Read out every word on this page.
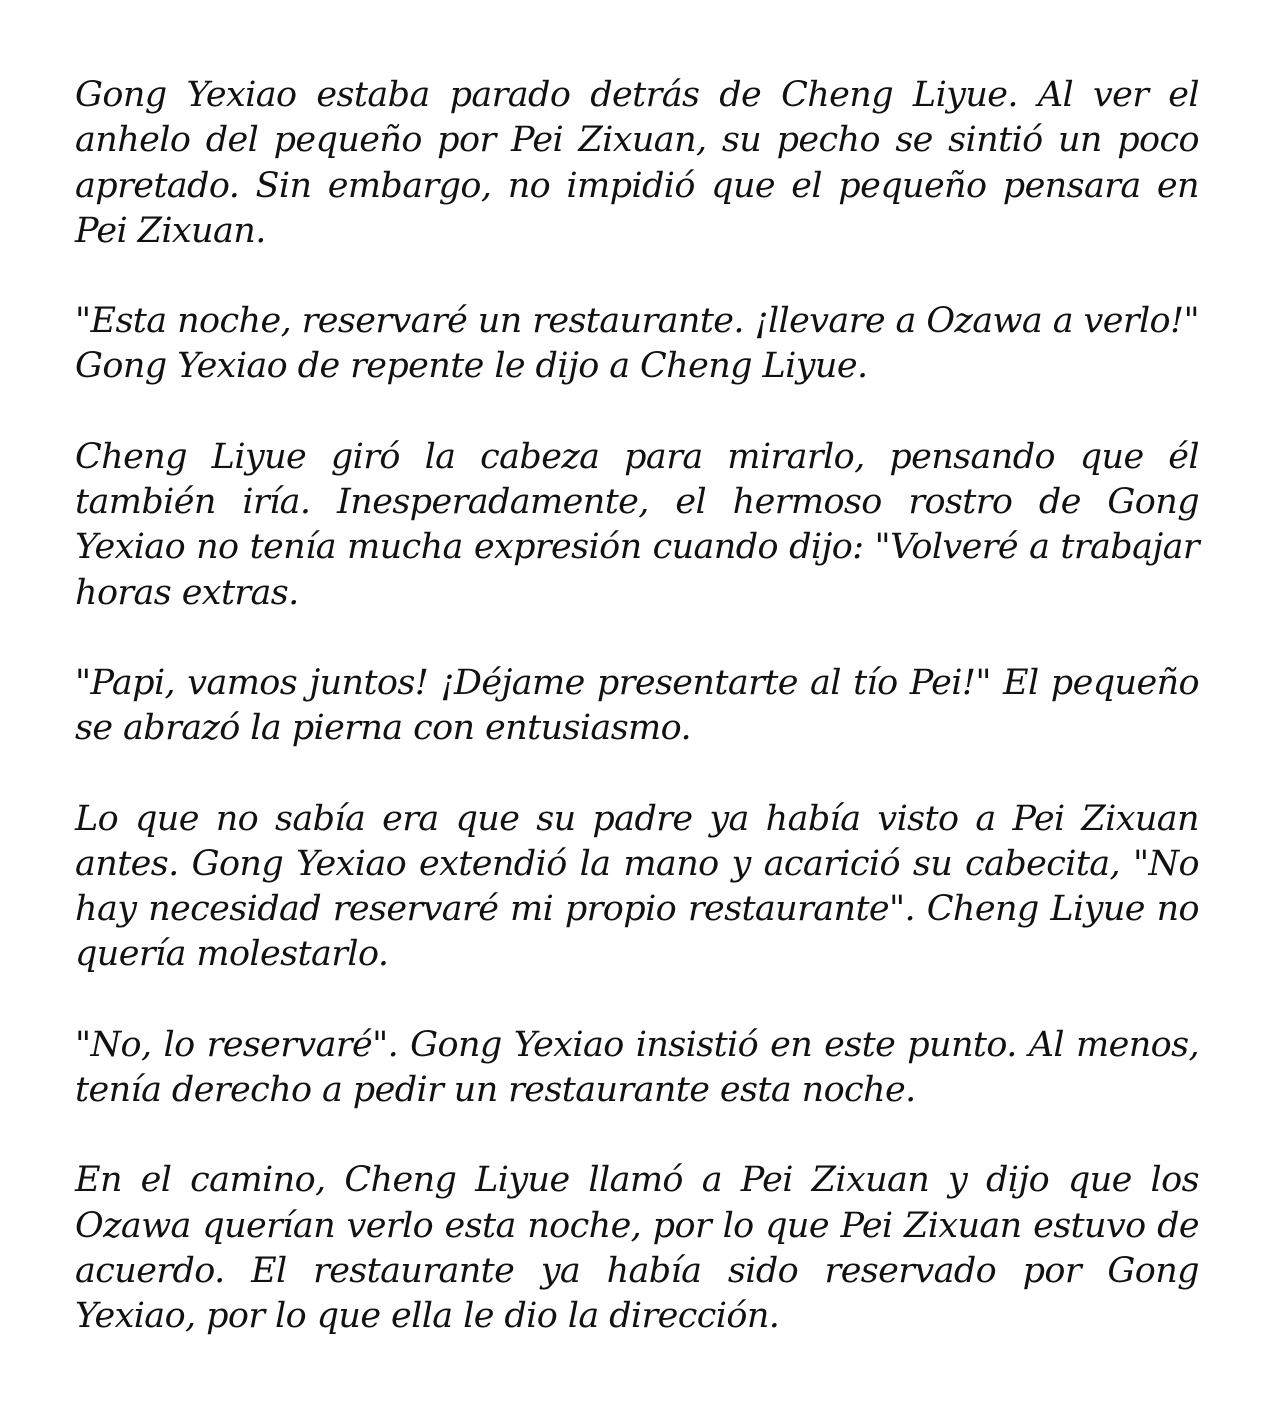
Gong Yexiao estaba parado detrás de Cheng Liyue. Al ver el anhelo del pequeño por Pei Zixuan, su pecho se sintió un poco apretado. Sin embargo, no impidió que el pequeño pensara en Pei Zixuan.

"Esta noche, reservaré un restaurante. ¡llevare a Ozawa a verlo!" Gong Yexiao de repente le dijo a Cheng Liyue.

Cheng Liyue giró la cabeza para mirarlo, pensando que él también iría. Inesperadamente, el hermoso rostro de Gong Yexiao no tenía mucha expresión cuando dijo: "Volveré a trabajar horas extras.

"Papi, vamos juntos! ¡Déjame presentarte al tío Pei!" El pequeño se abrazó la pierna con entusiasmo.

Lo que no sabía era que su padre ya había visto a Pei Zixuan antes. Gong Yexiao extendió la mano y acarició su cabecita, "No hay necesidad reservaré mi propio restaurante". Cheng Liyue no quería molestarlo.

"No, lo reservaré". Gong Yexiao insistió en este punto. Al menos, tenía derecho a pedir un restaurante esta noche.

En el camino, Cheng Liyue llamó a Pei Zixuan y dijo que los Ozawa querían verlo esta noche, por lo que Pei Zixuan estuvo de acuerdo. El restaurante ya había sido reservado por Gong Yexiao, por lo que ella le dio la dirección.
